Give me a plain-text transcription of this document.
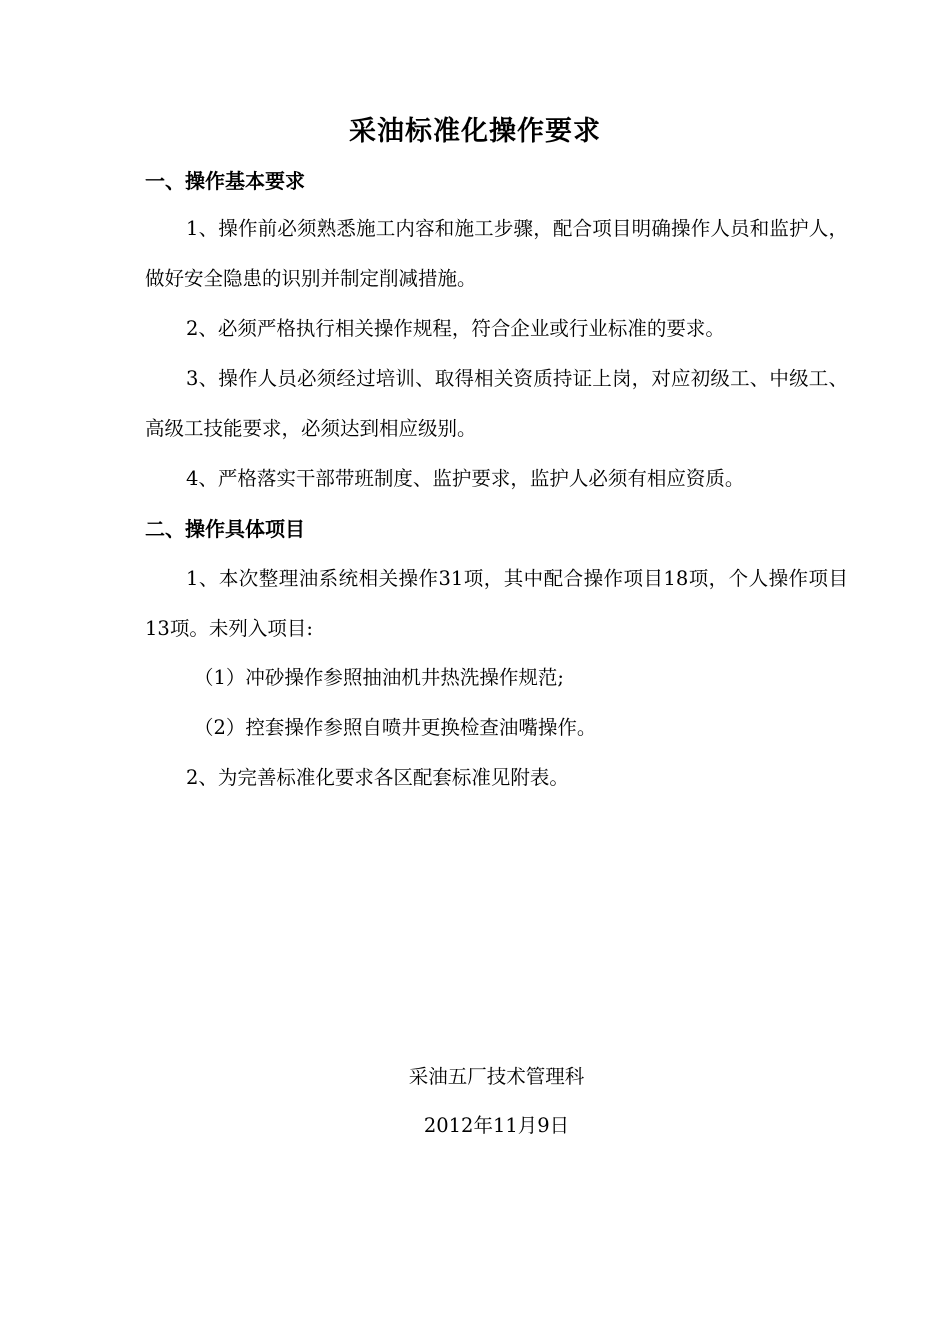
采油标准化操作要求
一、操作基本要求
1、操作前必须熟悉施工内容和施工步骤，配合项目明确操作人员和监护人，做好安全隐患的识别并制定削减措施。
2、必须严格执行相关操作规程，符合企业或行业标准的要求。
3、操作人员必须经过培训、取得相关资质持证上岗，对应初级工、中级工、高级工技能要求，必须达到相应级别。
4、严格落实干部带班制度、监护要求，监护人必须有相应资质。
二、操作具体项目
1、本次整理油系统相关操作31项，其中配合操作项目18项，个人操作项目13项。未列入项目:
（1）冲砂操作参照抽油机井热洗操作规范;
（2）控套操作参照自喷井更换检查油嘴操作。
2、为完善标准化要求各区配套标准见附表。
采油五厂技术管理科
2012年11月9日
